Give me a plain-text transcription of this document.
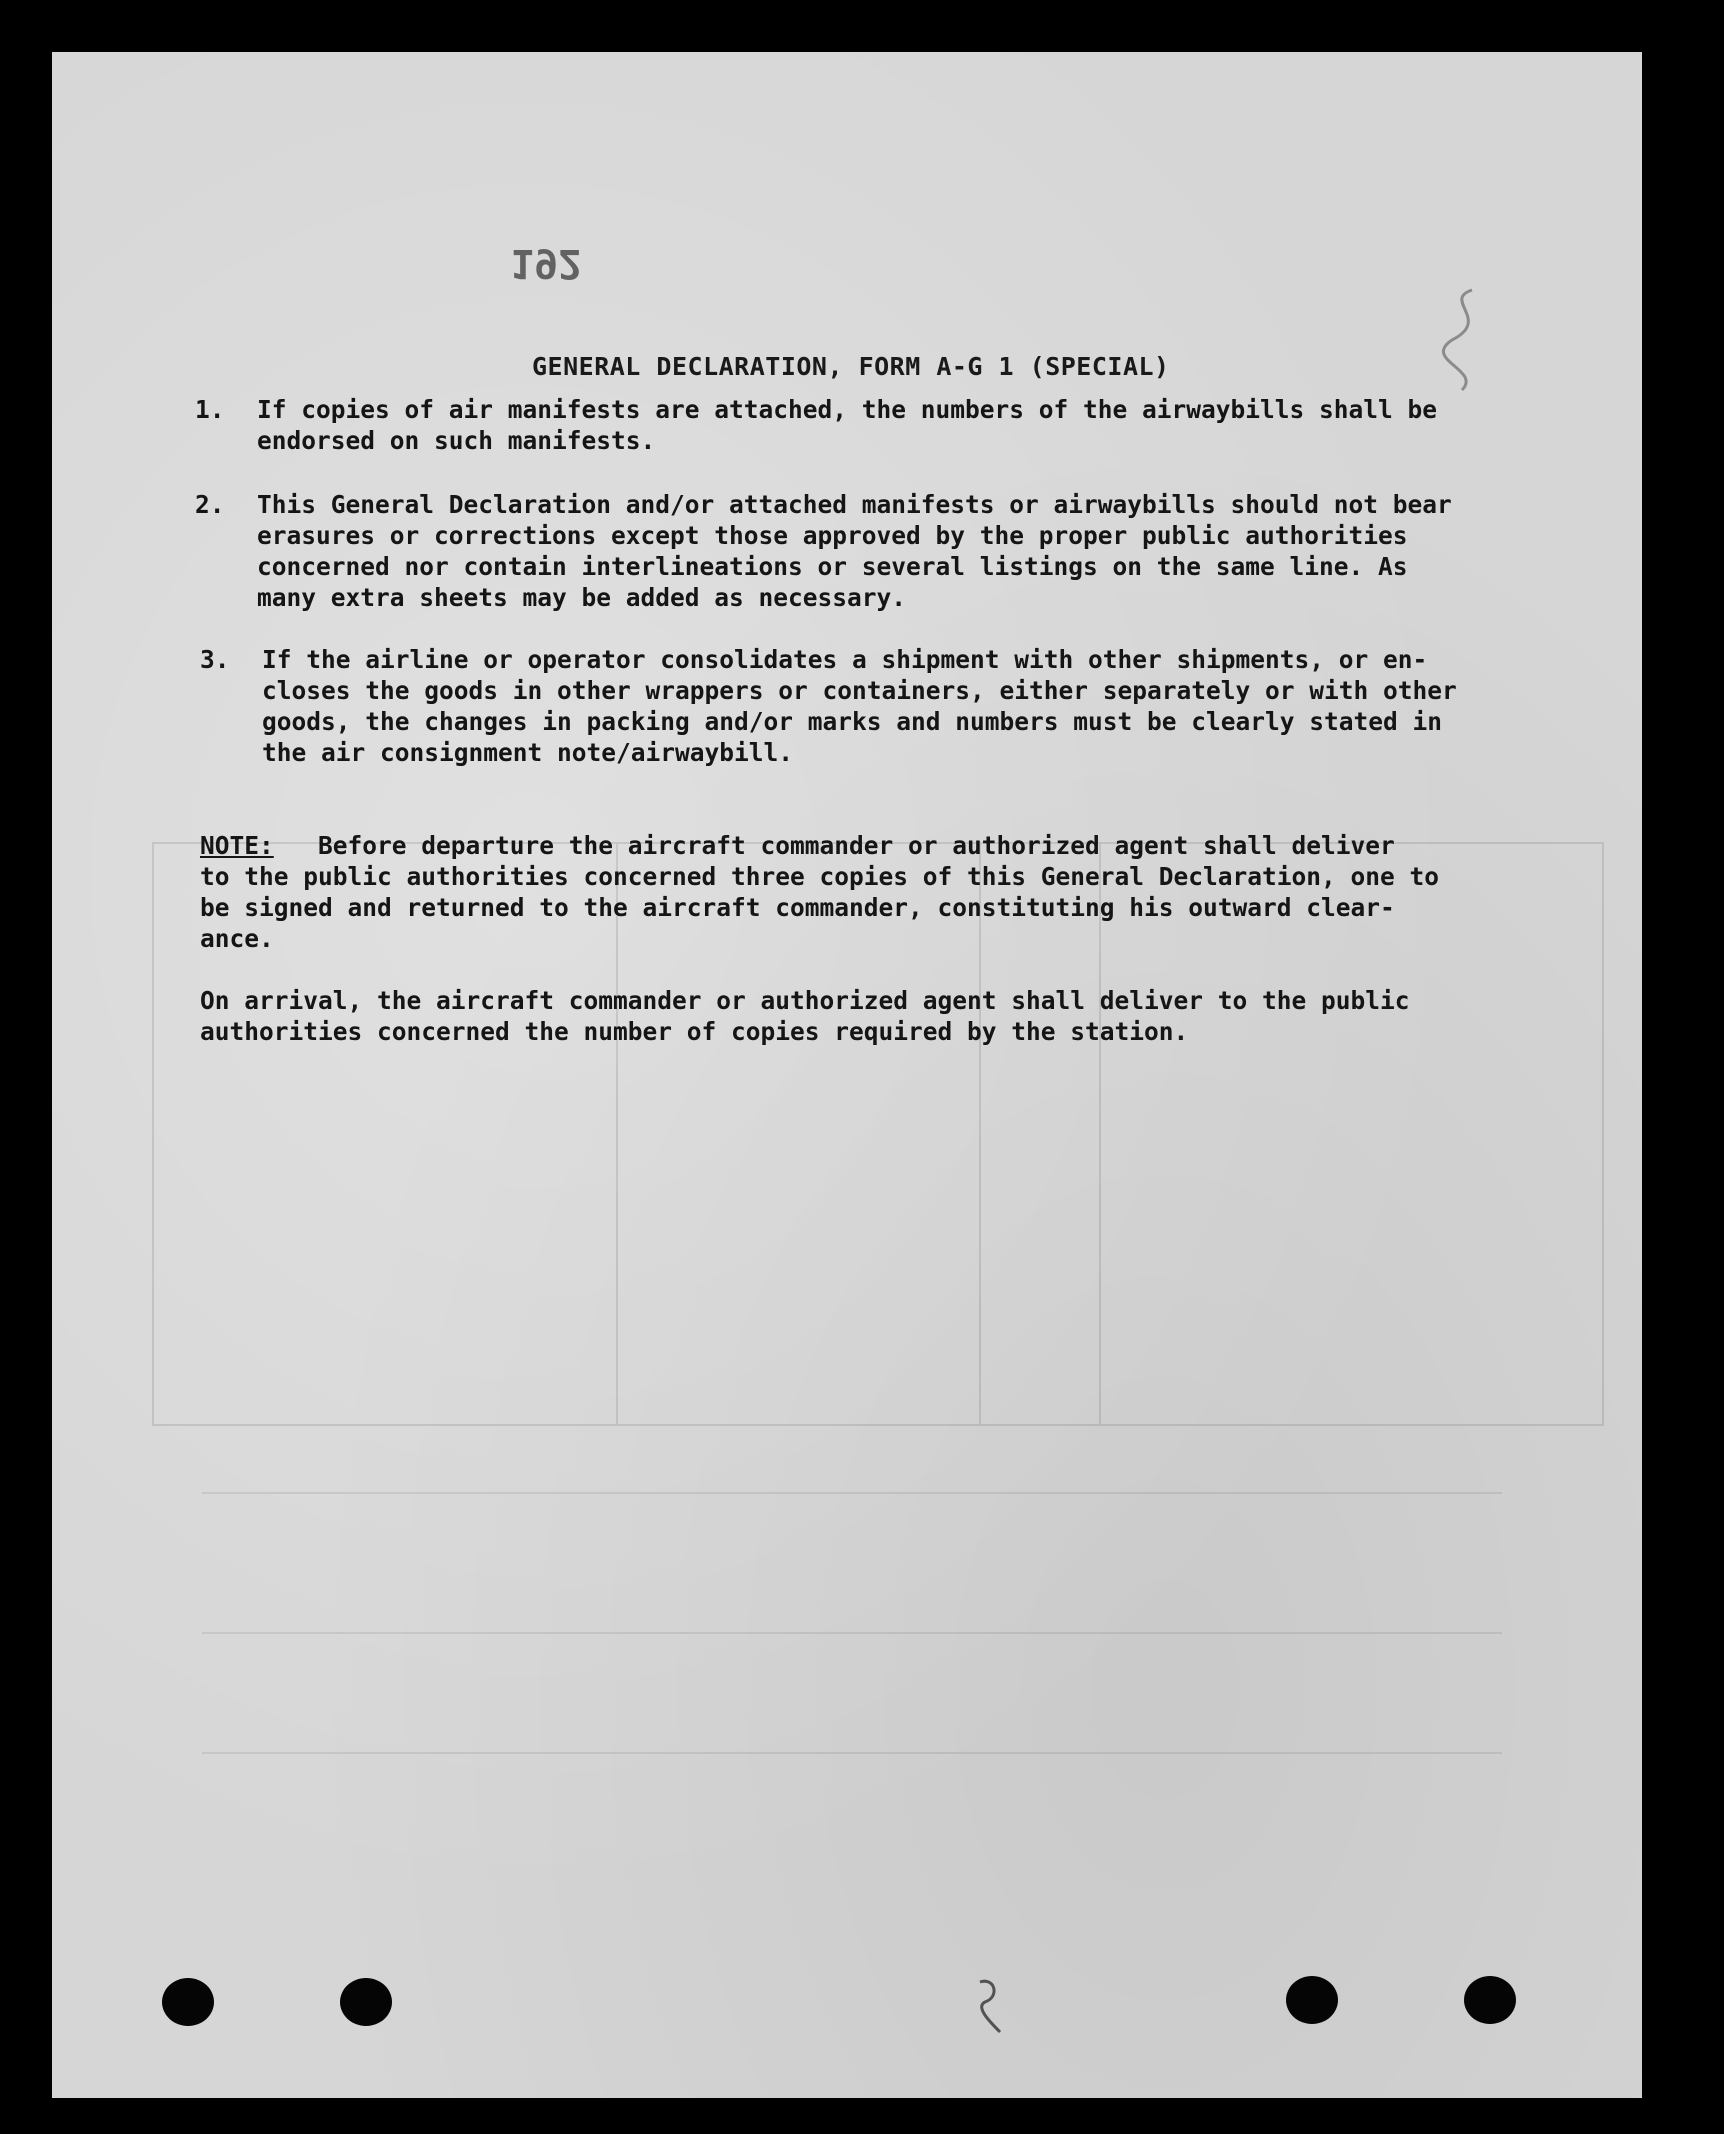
192
GENERAL DECLARATION, FORM A-G 1 (SPECIAL)
1.	If copies of air manifests are attached, the numbers of the airwaybills shall be
endorsed on such manifests.
2.	This General Declaration and/or attached manifests or airwaybills should not bear
erasures or corrections except those approved by the proper public authorities
concerned nor contain interlineations or several listings on the same line. As
many extra sheets may be added as necessary.
3.	If the airline or operator consolidates a shipment with other shipments, or en-
closes the goods in other wrappers or containers, either separately or with other
goods, the changes in packing and/or marks and numbers must be clearly stated in
the air consignment note/airwaybill.
NOTE: Before departure the aircraft commander or authorized agent shall deliver
to the public authorities concerned three copies of this General Declaration, one to
be signed and returned to the aircraft commander, constituting his outward clear-
ance.
On arrival, the aircraft commander or authorized agent shall deliver to the public
authorities concerned the number of copies required by the station.
